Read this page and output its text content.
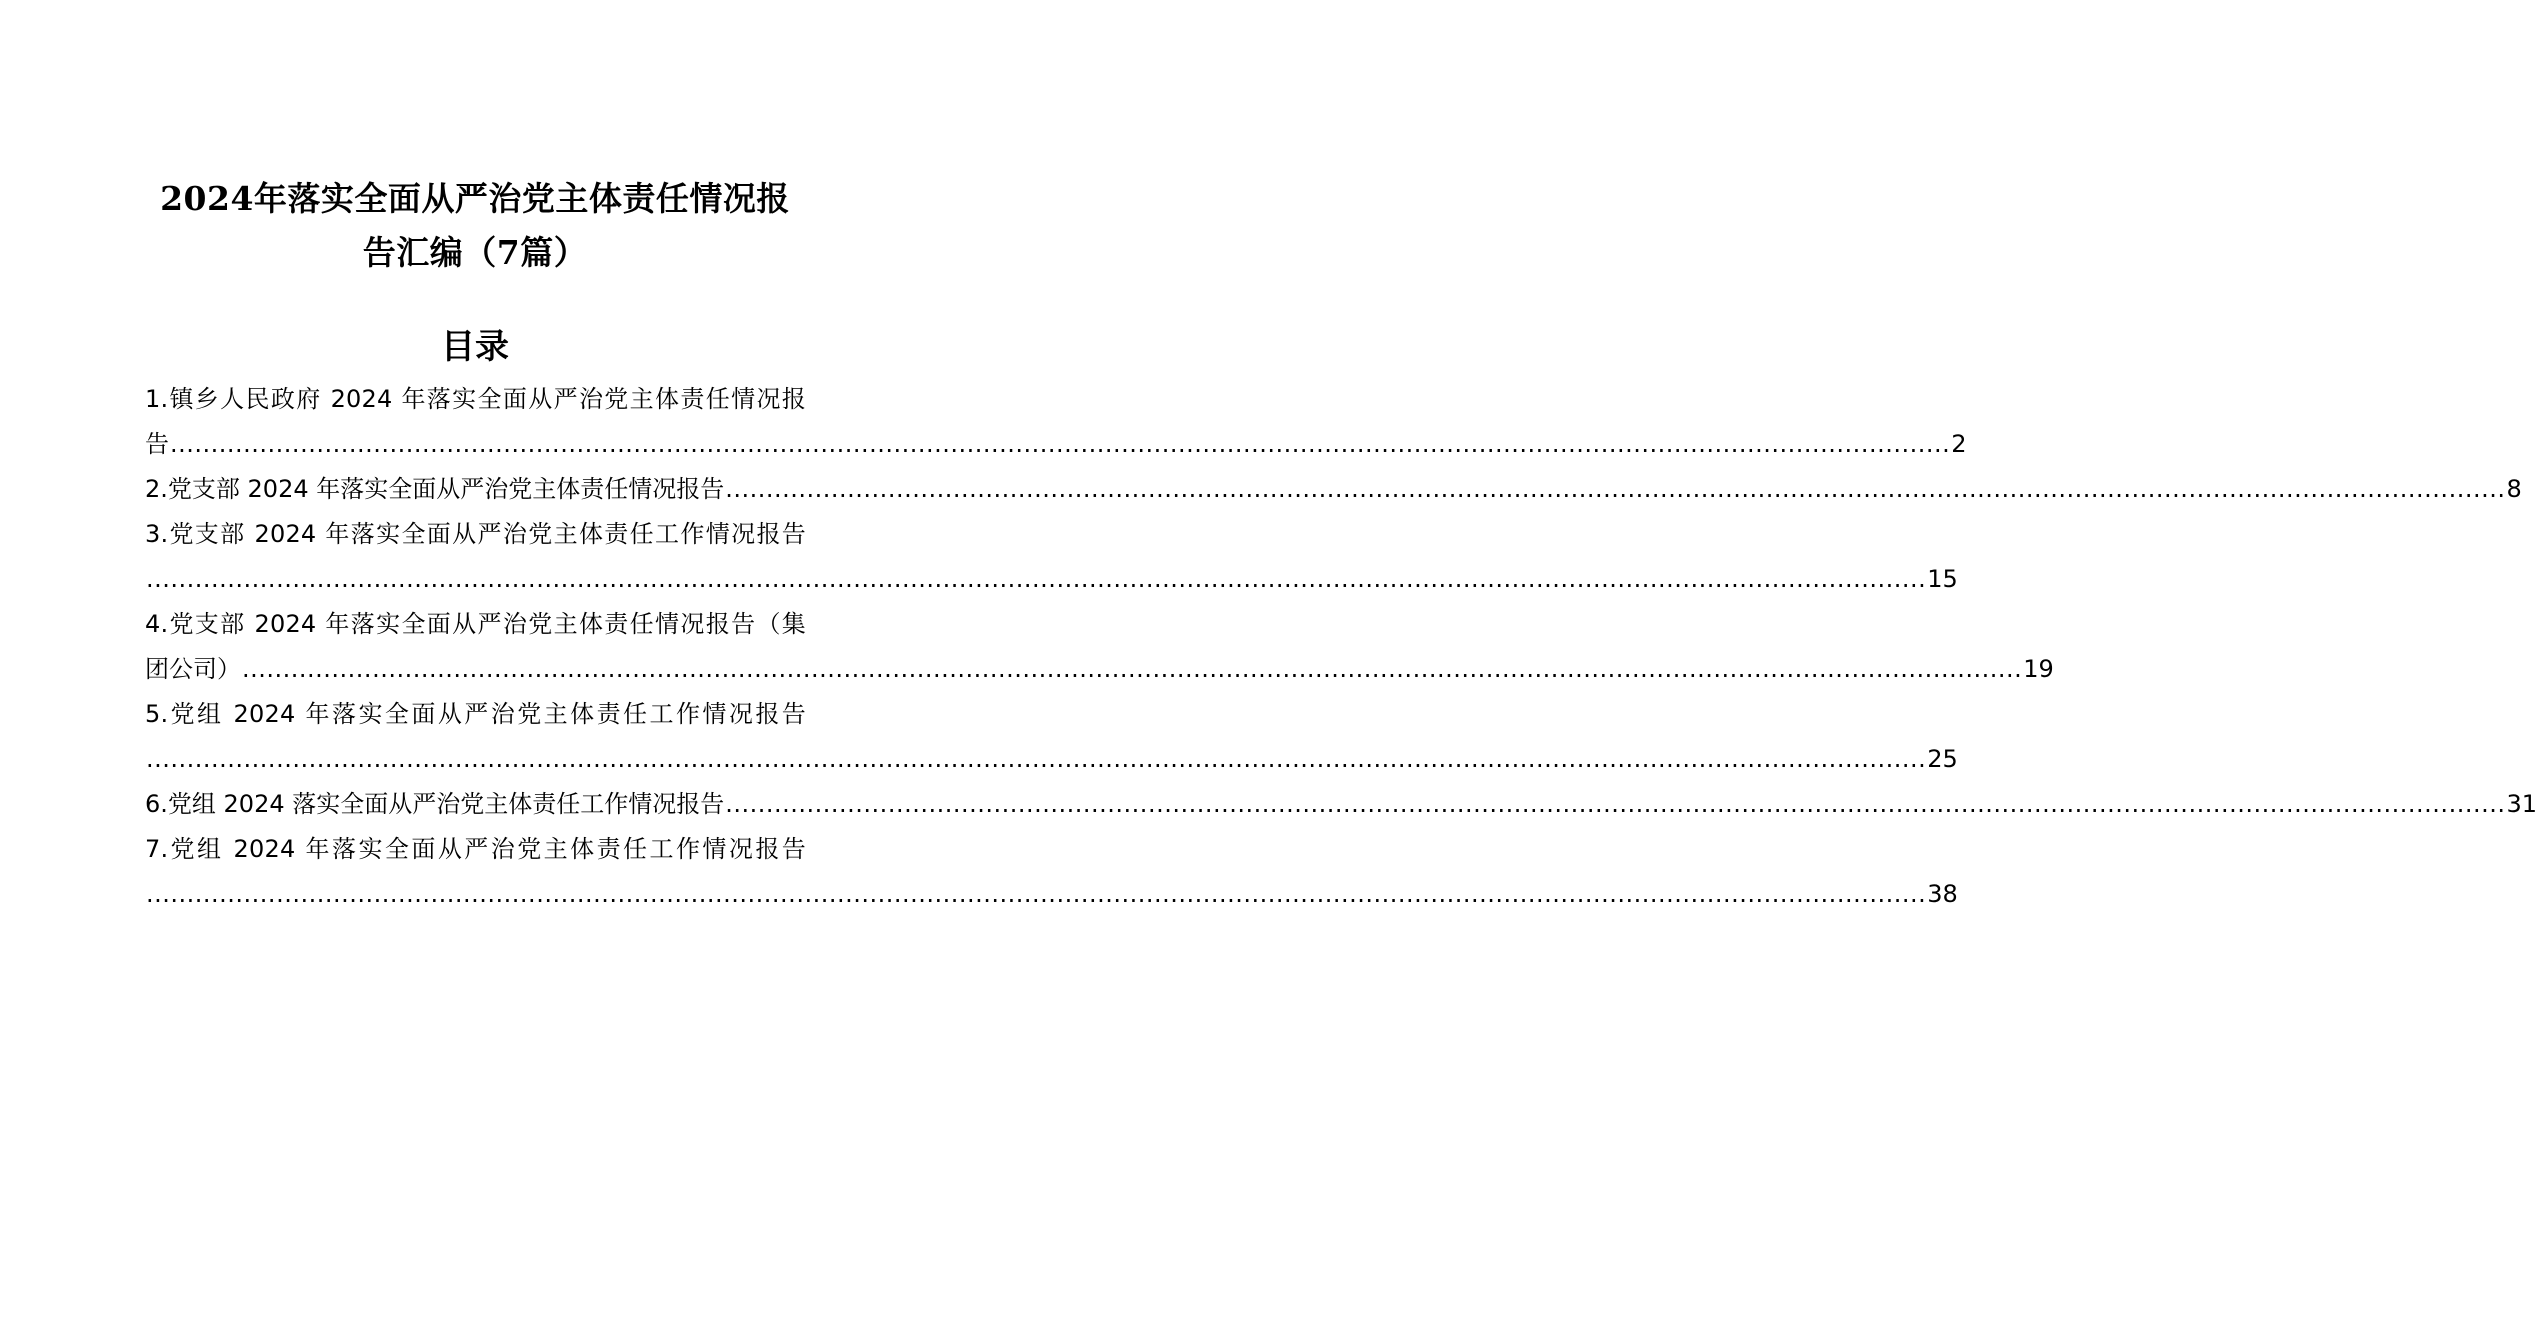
2024年落实全面从严治党主体责任情况报
告汇编（7篇）
目录
1.镇乡人民政府 2024 年落实全面从严治党主体责任情况报
告 ........................................................................................................................................................................................................................... 2
2.党支部 2024 年落实全面从严治党主体责任情况报告 ........................................................................................................................................................................................................................... 8
3.党支部 2024 年落实全面从严治党主体责任工作情况报告
........................................................................................................................................................................................................................... 15
4.党支部 2024 年落实全面从严治党主体责任情况报告（集
团公司） ........................................................................................................................................................................................................................... 19
5.党组 2024 年落实全面从严治党主体责任工作情况报告
........................................................................................................................................................................................................................... 25
6.党组 2024 落实全面从严治党主体责任工作情况报告 ........................................................................................................................................................................................................................... 31
7.党组 2024 年落实全面从严治党主体责任工作情况报告
........................................................................................................................................................................................................................... 38
